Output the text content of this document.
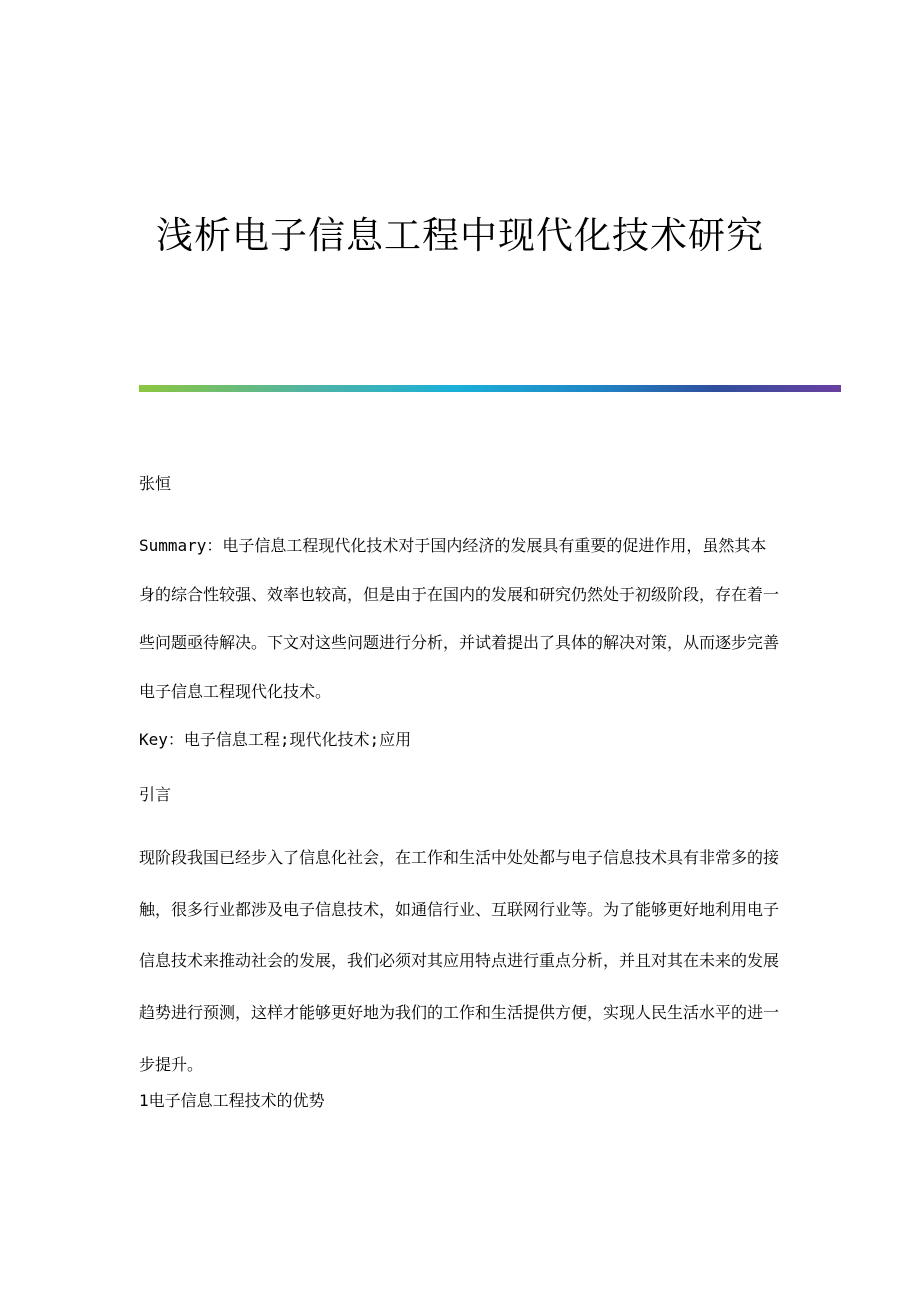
浅析电子信息工程中现代化技术研究

张恒

Summary：电子信息工程现代化技术对于国内经济的发展具有重要的促进作用，虽然其本身的综合性较强、效率也较高，但是由于在国内的发展和研究仍然处于初级阶段，存在着一些问题亟待解决。下文对这些问题进行分析，并试着提出了具体的解决对策，从而逐步完善电子信息工程现代化技术。

Key：电子信息工程;现代化技术;应用

引言

现阶段我国已经步入了信息化社会，在工作和生活中处处都与电子信息技术具有非常多的接触，很多行业都涉及电子信息技术，如通信行业、互联网行业等。为了能够更好地利用电子信息技术来推动社会的发展，我们必须对其应用特点进行重点分析，并且对其在未来的发展趋势进行预测，这样才能够更好地为我们的工作和生活提供方便，实现人民生活水平的进一步提升。

1电子信息工程技术的优势
